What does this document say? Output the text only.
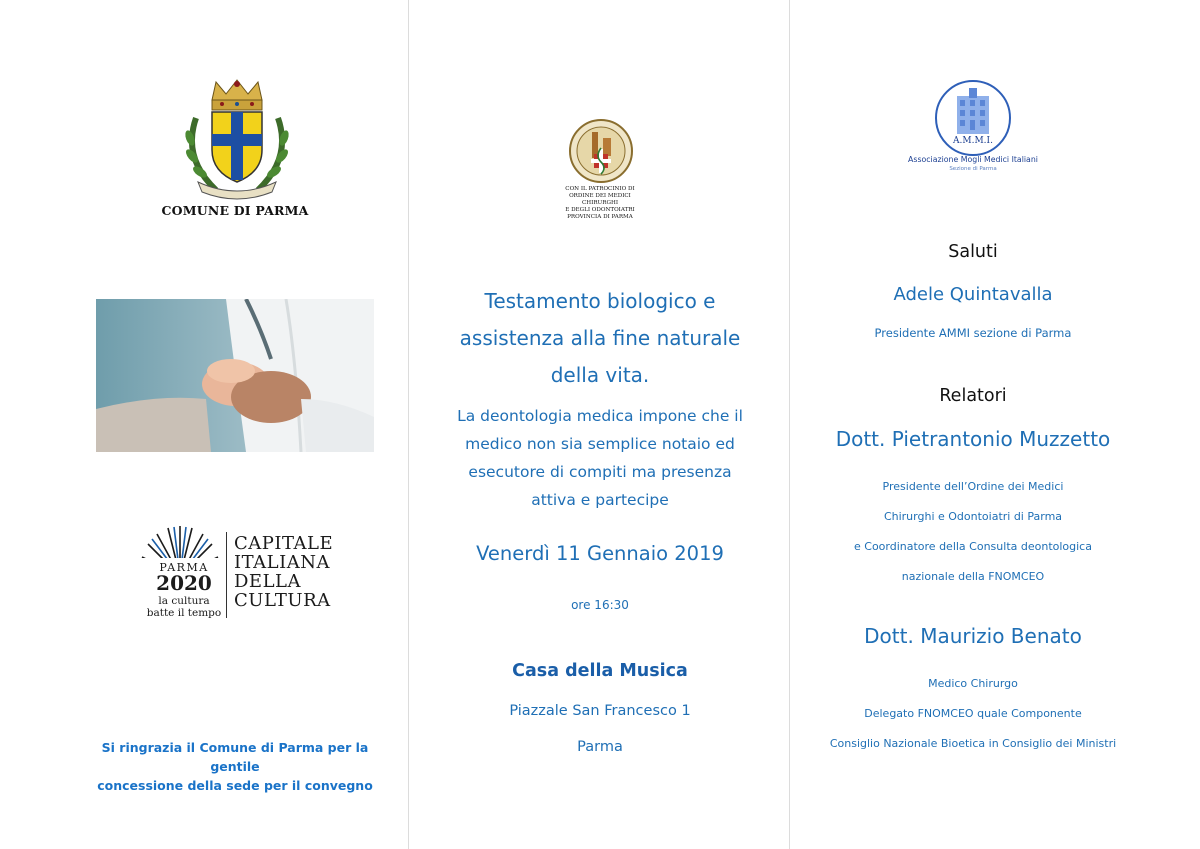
COMUNE DI PARMA
PARMA
2020
la cultura
batte il tempo
CAPITALE
ITALIANA
DELLA
CULTURA
Si ringrazia il Comune di Parma per la gentile
concessione della sede per il convegno
CON IL PATROCINIO DI
ORDINE DEI MEDICI
CHIRURGHI
E DEGLI ODONTOIATRI
PROVINCIA DI PARMA
Testamento biologico e
assistenza alla fine naturale
della vita.
La deontologia medica impone che il
medico non sia semplice notaio ed
esecutore di compiti ma presenza
attiva e partecipe
Venerdì 11 Gennaio 2019
ore 16:30
Casa della Musica
Piazzale San Francesco 1
Parma
A.M.M.I.
Associazione Mogli Medici Italiani
Sezione di Parma
Saluti
Adele Quintavalla
Presidente AMMI sezione di Parma
Relatori
Dott. Pietrantonio Muzzetto
Presidente dell’Ordine dei Medici
Chirurghi e Odontoiatri di Parma
e Coordinatore della Consulta deontologica
nazionale della FNOMCEO
Dott. Maurizio Benato
Medico Chirurgo
Delegato FNOMCEO quale Componente
Consiglio Nazionale Bioetica in Consiglio dei Ministri
